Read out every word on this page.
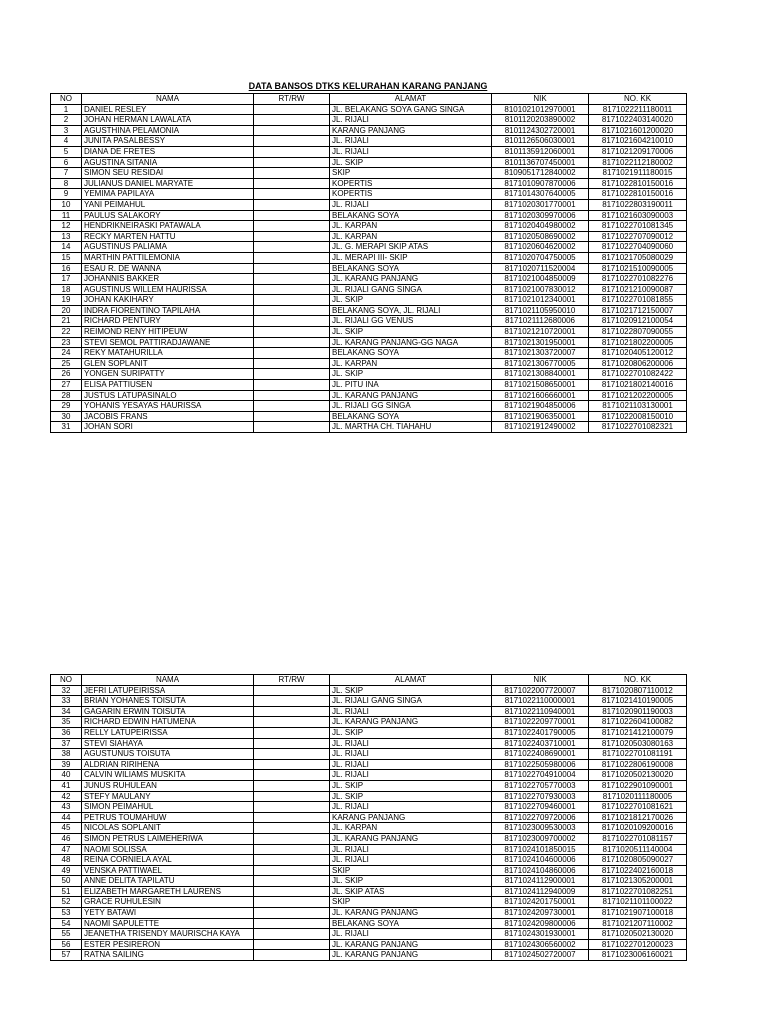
DATA BANSOS DTKS KELURAHAN KARANG PANJANG
NO	NAMA	RT/RW	ALAMAT	NIK	NO. KK
1	DANIEL RESLEY		JL. BELAKANG SOYA GANG SINGA	8101021012970001	8171022211180011
2	JOHAN HERMAN LAWALATA		JL. RIJALI	8101120203890002	8171022403140020
3	AGUSTHINA PELAMONIA		KARANG PANJANG	8101124302720001	8171021601200020
4	JUNITA PASALBESSY		JL. RIJALI	8101126506030001	8171021604210010
5	DIANA DE FRETES		JL. RIJALI	8101135912060001	8171021209170006
6	AGUSTINA SITANIA		JL. SKIP	8101136707450001	8171022112180002
7	SIMON SEU RESIDAI		SKIP	8109051712840002	8171021911180015
8	JULIANUS DANIEL MARYATE		KOPERTIS	8171010907870006	8171022810150016
9	YEMIMA PAPILAYA		KOPERTIS	8171014307640005	8171022810150016
10	YANI PEIMAHUL		JL. RIJALI	8171020301770001	8171022803190011
11	PAULUS SALAKORY		BELAKANG SOYA	8171020309970006	8171021603090003
12	HENDRIKNEIRASKI PATAWALA		JL. KARPAN	8171020404980002	8171022701081345
13	RECKY MARTEN HATTU		JL. KARPAN	8171020508690002	8171022707090012
14	AGUSTINUS PALIAMA		JL. G. MERAPI SKIP ATAS	8171020604620002	8171022704090060
15	MARTHIN PATTILEMONIA		JL. MERAPI III- SKIP	8171020704750005	8171021705080029
16	ESAU R. DE WANNA		BELAKANG SOYA	8171020711520004	8171021510090005
17	JOHANNIS BAKKER		JL. KARANG PANJANG	8171021004850009	8171022701082276
18	AGUSTINUS WILLEM HAURISSA		JL. RIJALI GANG SINGA	8171021007830012	8171021210090087
19	JOHAN KAKIHARY		JL. SKIP	8171021012340001	8171022701081855
20	INDRA FIORENTINO TAPILAHA		BELAKANG SOYA, JL. RIJALI	8171021105950010	8171021712150007
21	RICHARD PENTURY		JL. RIJALI GG VENUS	8171021112680006	8171020912100054
22	REIMOND RENY HITIPEUW		JL. SKIP	8171021210720001	8171022807090055
23	STEVI SEMOL PATTIRADJAWANE		JL. KARANG PANJANG-GG NAGA	8171021301950001	8171021802200005
24	REKY MATAHURILLA		BELAKANG SOYA	8171021303720007	8171020405120012
25	GLEN SOPLANIT		JL. KARPAN	8171021306770005	8171020806200006
26	YONGEN SURIPATTY		JL. SKIP	8171021308840001	8171022701082422
27	ELISA PATTIUSEN		JL. PITU INA	8171021508650001	8171021802140016
28	JUSTUS LATUPASINALO		JL. KARANG PANJANG	8171021606660001	8171021202200005
29	YOHANIS YESAYAS HAURISSA		JL. RIJALI GG SINGA	8171021904850006	8171021103130001
30	JACOBIS FRANS		BELAKANG SOYA	8171021906350001	8171022008150010
31	JOHAN SORI		JL. MARTHA CH. TIAHAHU	8171021912490002	8171022701082321
NO	NAMA	RT/RW	ALAMAT	NIK	NO. KK
32	JEFRI LATUPEIRISSA		JL. SKIP	8171022007720007	8171020807110012
33	BRIAN YOHANES TOISUTA		JL. RIJALI GANG SINGA	8171022110000001	8171021410190005
34	GAGARIN ERWIN TOISUTA		JL. RIJALI	8171022110940001	8171020901190003
35	RICHARD EDWIN HATUMENA		JL. KARANG PANJANG	8171022209770001	8171022604100082
36	RELLY LATUPEIRISSA		JL. SKIP	8171022401790005	8171021412100079
37	STEVI SIAHAYA		JL. RIJALI	8171022403710001	8171020503080163
38	AGUSTUNUS TOISUTA		JL. RIJALI	8171022408690001	8171022701081191
39	ALDRIAN RIRIHENA		JL. RIJALI	8171022505980006	8171022806190008
40	CALVIN WILIAMS MUSKITA		JL. RIJALI	8171022704910004	8171020502130020
41	JUNUS RUHULEAN		JL. SKIP	8171022705770003	8171022901090001
42	STEFY MAULANY		JL. SKIP	8171022707930003	8171020111180005
43	SIMON PEIMAHUL		JL. RIJALI	8171022709460001	8171022701081621
44	PETRUS TOUMAHUW		KARANG PANJANG	8171022709720006	8171021812170026
45	NICOLAS SOPLANIT		JL. KARPAN	8171023009530003	8171020109200016
46	SIMON PETRUS LAIMEHERIWA		JL. KARANG PANJANG	8171023009700002	8171022701081157
47	NAOMI SOLISSA		JL. RIJALI	8171024101850015	8171020511140004
48	REINA CORNIELA AYAL		JL. RIJALI	8171024104600006	8171020805090027
49	VENSKA PATTIWAEL		SKIP	8171024104860006	8171022402160018
50	ANNE DELITA TAPILATU		JL. SKIP	8171024112900001	8171021305200001
51	ELIZABETH MARGARETH LAURENS		JL. SKIP ATAS	8171024112940009	8171022701082251
52	GRACE RUHULESIN		SKIP	8171024201750001	8171021101100022
53	YETY BATAWI		JL. KARANG PANJANG	8171024209730001	8171021907100018
54	NAOMI SAPULETTE		BELAKANG SOYA	8171024209800006	8171021207110002
55	JEANETHA TRISENDY MAURISCHA KAYA		JL. RIJALI	8171024301930001	8171020502130020
56	ESTER PESIRERON		JL. KARANG PANJANG	8171024306560002	8171022701200023
57	RATNA SAILING		JL. KARANG PANJANG	8171024502720007	8171023006160021
